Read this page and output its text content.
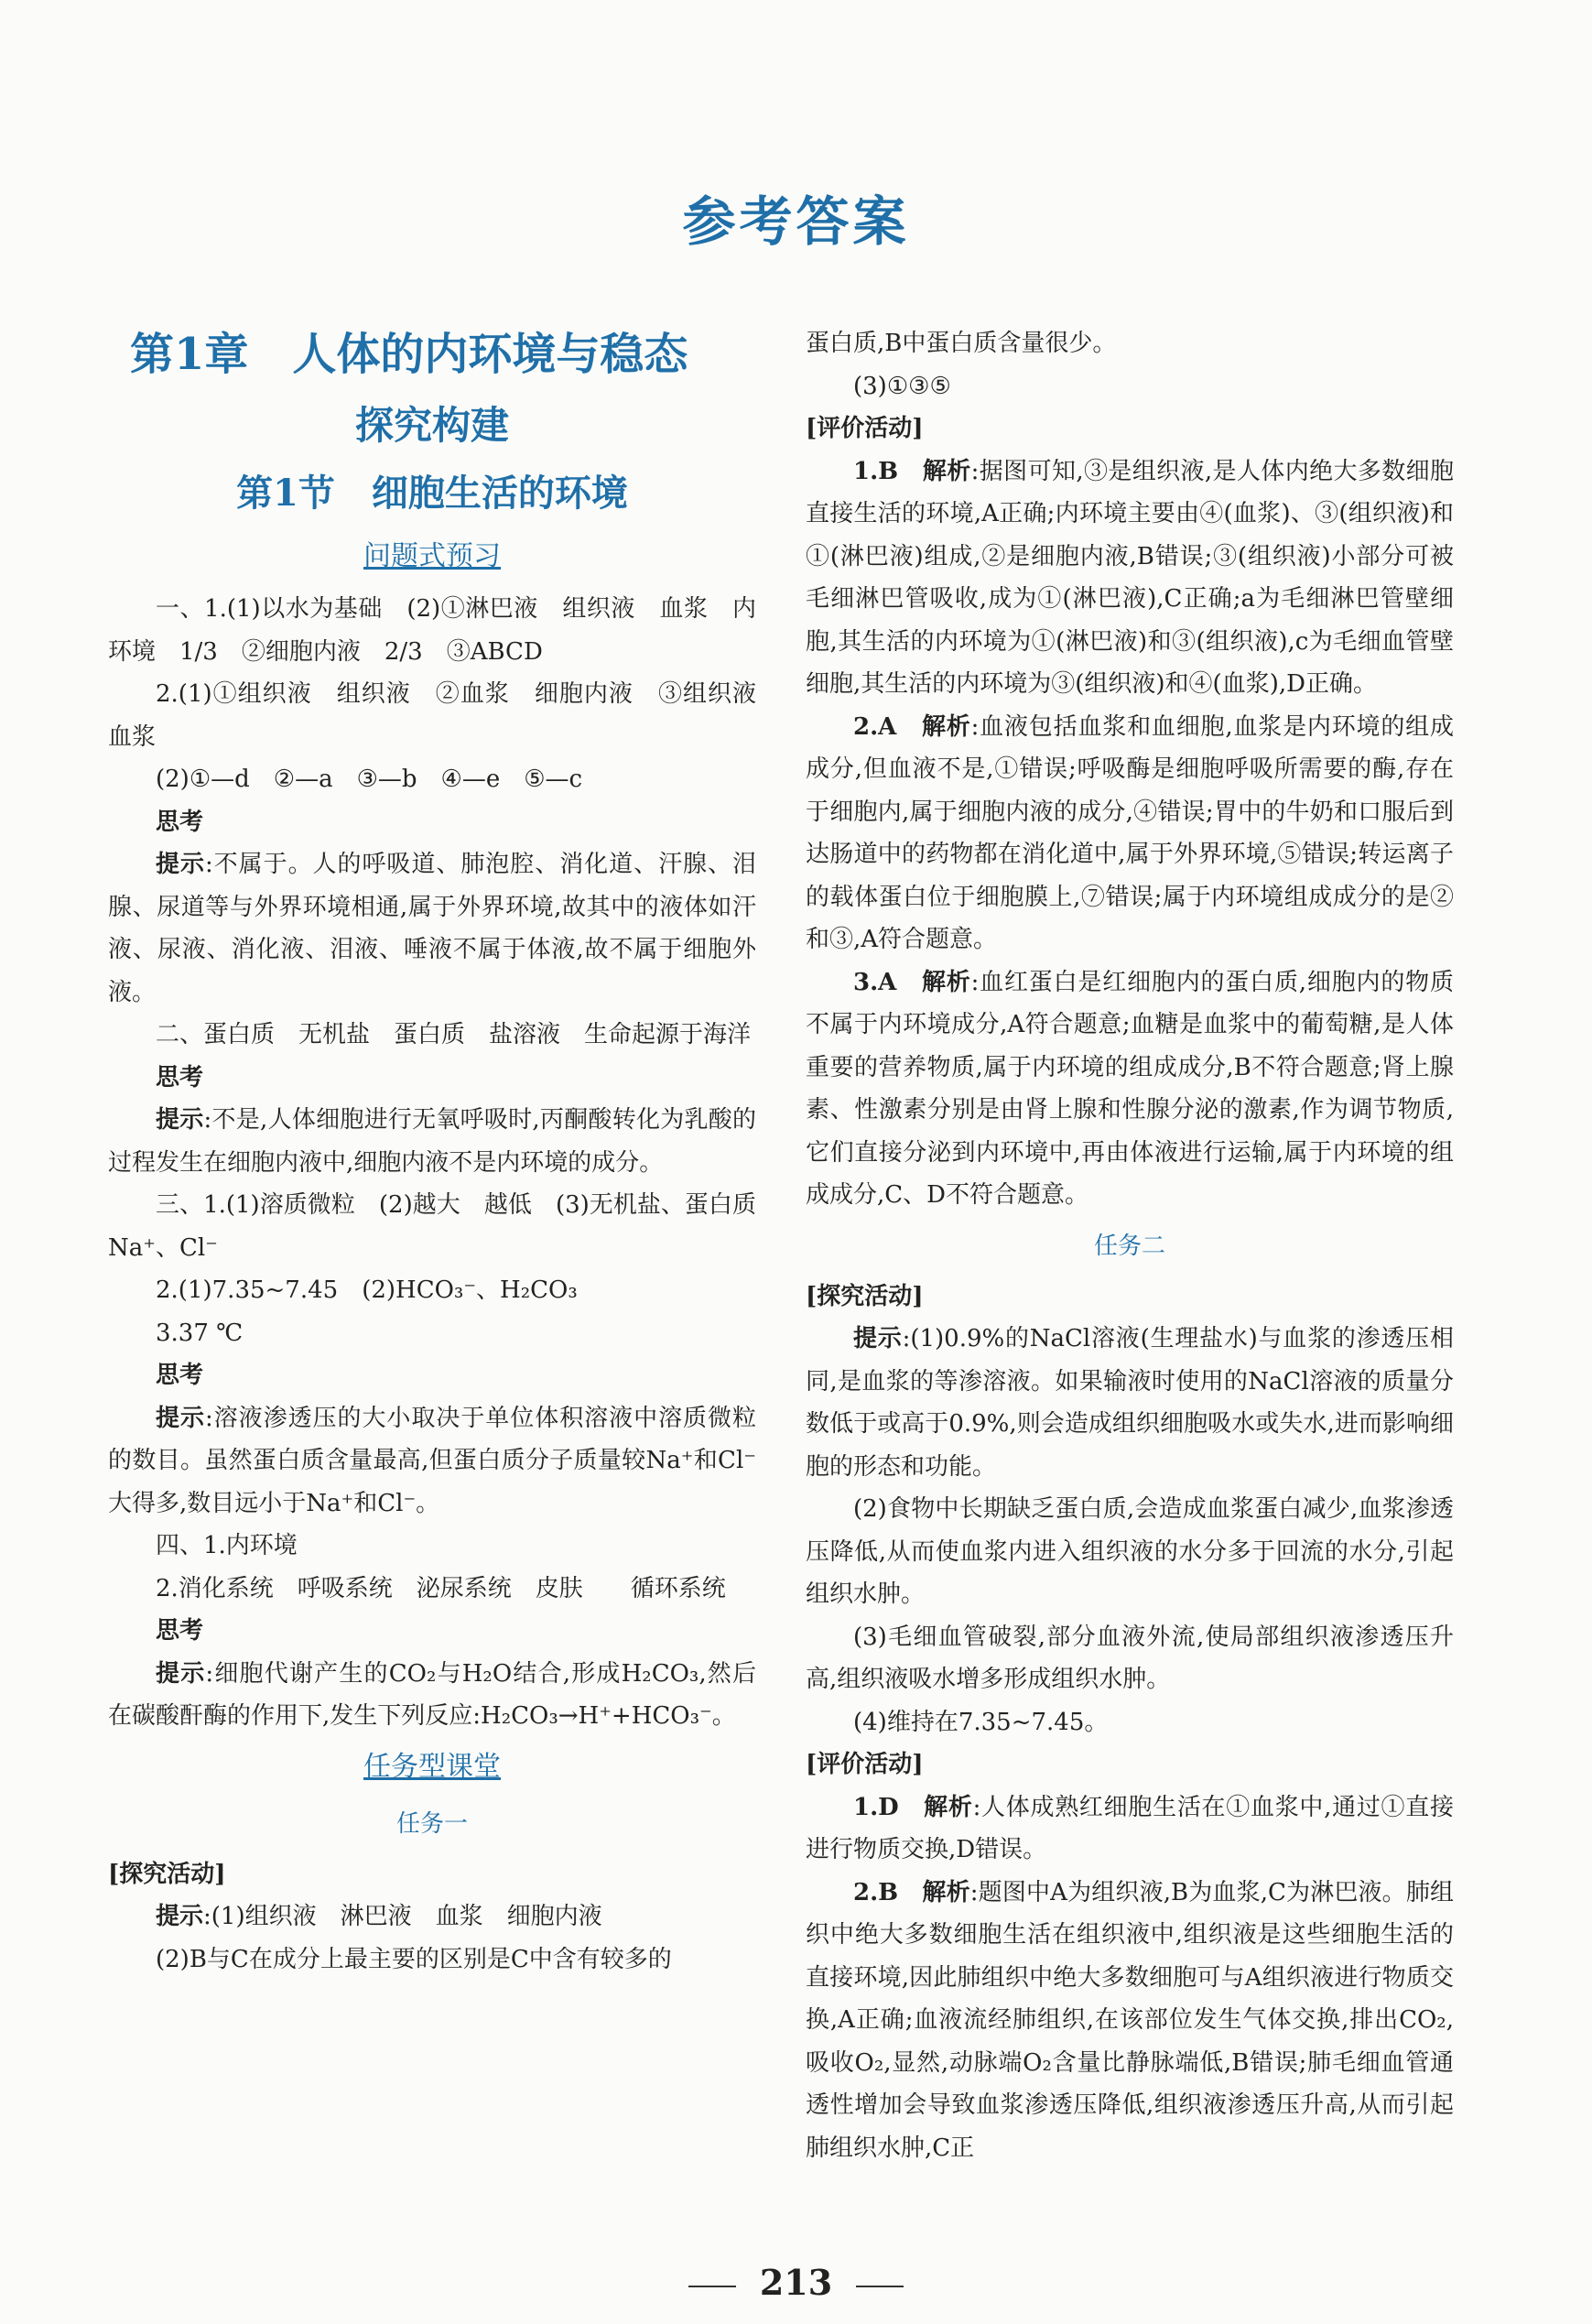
参考答案
第1章　人体的内环境与稳态
探究构建
第1节　细胞生活的环境
问题式预习

一、1.(1)以水为基础　(2)①淋巴液　组织液　血浆　内环境　1/3　②细胞内液　2/3　③ABCD

2.(1)①组织液　组织液　②血浆　细胞内液　③组织液　血浆

(2)①—d　②—a　③—b　④—e　⑤—c

思考

提示:不属于。人的呼吸道、肺泡腔、消化道、汗腺、泪腺、尿道等与外界环境相通,属于外界环境,故其中的液体如汗液、尿液、消化液、泪液、唾液不属于体液,故不属于细胞外液。

二、蛋白质　无机盐　蛋白质　盐溶液　生命起源于海洋

思考

提示:不是,人体细胞进行无氧呼吸时,丙酮酸转化为乳酸的过程发生在细胞内液中,细胞内液不是内环境的成分。

三、1.(1)溶质微粒　(2)越大　越低　(3)无机盐、蛋白质　Na⁺、Cl⁻

2.(1)7.35~7.45　(2)HCO₃⁻、H₂CO₃

3.37 ℃

思考

提示:溶液渗透压的大小取决于单位体积溶液中溶质微粒的数目。虽然蛋白质含量最高,但蛋白质分子质量较Na⁺和Cl⁻大得多,数目远小于Na⁺和Cl⁻。

四、1.内环境

2.消化系统　呼吸系统　泌尿系统　皮肤　　循环系统

思考

提示:细胞代谢产生的CO₂与H₂O结合,形成H₂CO₃,然后在碳酸酐酶的作用下,发生下列反应:H₂CO₃→H⁺+HCO₃⁻。

任务型课堂
任务一

[探究活动]

提示:(1)组织液　淋巴液　血浆　细胞内液

(2)B与C在成分上最主要的区别是C中含有较多的

蛋白质,B中蛋白质含量很少。

(3)①③⑤

[评价活动]

1.B　解析:据图可知,③是组织液,是人体内绝大多数细胞直接生活的环境,A正确;内环境主要由④(血浆)、③(组织液)和①(淋巴液)组成,②是细胞内液,B错误;③(组织液)小部分可被毛细淋巴管吸收,成为①(淋巴液),C正确;a为毛细淋巴管壁细胞,其生活的内环境为①(淋巴液)和③(组织液),c为毛细血管壁细胞,其生活的内环境为③(组织液)和④(血浆),D正确。

2.A　解析:血液包括血浆和血细胞,血浆是内环境的组成成分,但血液不是,①错误;呼吸酶是细胞呼吸所需要的酶,存在于细胞内,属于细胞内液的成分,④错误;胃中的牛奶和口服后到达肠道中的药物都在消化道中,属于外界环境,⑤错误;转运离子的载体蛋白位于细胞膜上,⑦错误;属于内环境组成成分的是②和③,A符合题意。

3.A　解析:血红蛋白是红细胞内的蛋白质,细胞内的物质不属于内环境成分,A符合题意;血糖是血浆中的葡萄糖,是人体重要的营养物质,属于内环境的组成成分,B不符合题意;肾上腺素、性激素分别是由肾上腺和性腺分泌的激素,作为调节物质,它们直接分泌到内环境中,再由体液进行运输,属于内环境的组成成分,C、D不符合题意。

任务二

[探究活动]

提示:(1)0.9%的NaCl溶液(生理盐水)与血浆的渗透压相同,是血浆的等渗溶液。如果输液时使用的NaCl溶液的质量分数低于或高于0.9%,则会造成组织细胞吸水或失水,进而影响细胞的形态和功能。

(2)食物中长期缺乏蛋白质,会造成血浆蛋白减少,血浆渗透压降低,从而使血浆内进入组织液的水分多于回流的水分,引起组织水肿。

(3)毛细血管破裂,部分血液外流,使局部组织液渗透压升高,组织液吸水增多形成组织水肿。

(4)维持在7.35~7.45。

[评价活动]

1.D　解析:人体成熟红细胞生活在①血浆中,通过①直接进行物质交换,D错误。

2.B　解析:题图中A为组织液,B为血浆,C为淋巴液。肺组织中绝大多数细胞生活在组织液中,组织液是这些细胞生活的直接环境,因此肺组织中绝大多数细胞可与A组织液进行物质交换,A正确;血液流经肺组织,在该部位发生气体交换,排出CO₂,吸收O₂,显然,动脉端O₂含量比静脉端低,B错误;肺毛细血管通透性增加会导致血浆渗透压降低,组织液渗透压升高,从而引起肺组织水肿,C正

213
